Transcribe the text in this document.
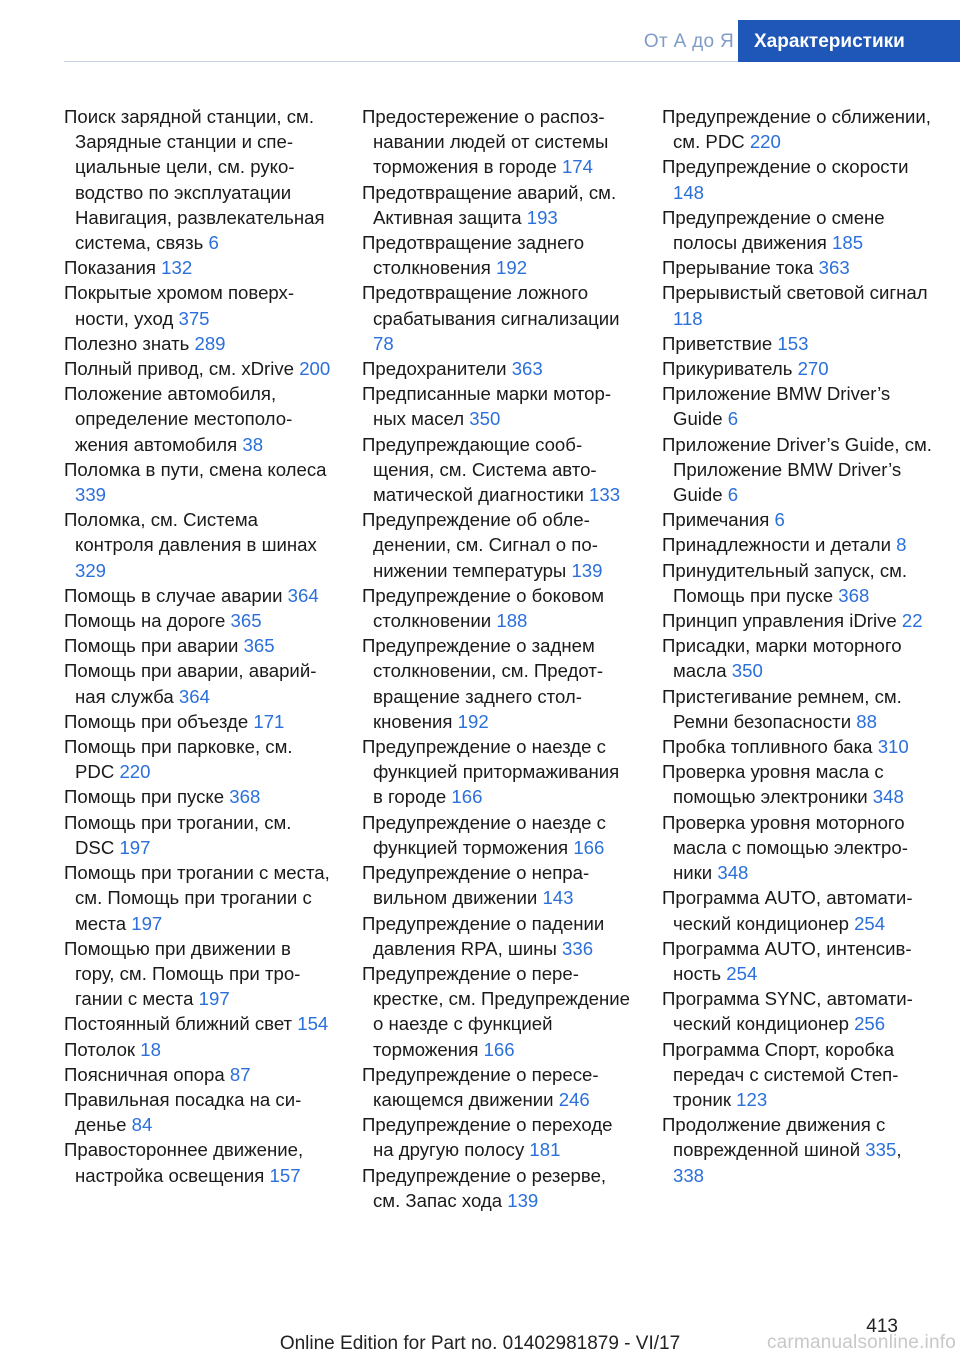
От А до Я	Характеристики
Поиск зарядной станции, см. Зарядные станции и специальные цели, см. руководство по эксплуатации Навигация, развлекательная система, связь 6
Показания 132
Покрытые хромом поверхности, уход 375
Полезно знать 289
Полный привод, см. xDrive 200
Положение автомобиля, определение местоположения автомобиля 38
Поломка в пути, смена колеса 339
Поломка, см. Система контроля давления в шинах 329
Помощь в случае аварии 364
Помощь на дороге 365
Помощь при аварии 365
Помощь при аварии, аварийная служба 364
Помощь при объезде 171
Помощь при парковке, см. PDC 220
Помощь при пуске 368
Помощь при трогании, см. DSC 197
Помощь при трогании с места, см. Помощь при трогании с места 197
Помощью при движении в гору, см. Помощь при трогании с места 197
Постоянный ближний свет 154
Потолок 18
Поясничная опора 87
Правильная посадка на сиденье 84
Правостороннее движение, настройка освещения 157
Предостережение о распознавании людей от системы торможения в городе 174
Предотвращение аварий, см. Активная защита 193
Предотвращение заднего столкновения 192
Предотвращение ложного срабатывания сигнализации 78
Предохранители 363
Предписанные марки моторных масел 350
Предупреждающие сообщения, см. Система автоматической диагностики 133
Предупреждение об обледенении, см. Сигнал о понижении температуры 139
Предупреждение о боковом столкновении 188
Предупреждение о заднем столкновении, см. Предотвращение заднего столкновения 192
Предупреждение о наезде с функцией притормаживания в городе 166
Предупреждение о наезде с функцией торможения 166
Предупреждение о неправильном движении 143
Предупреждение о падении давления RPA, шины 336
Предупреждение о перекрестке, см. Предупреждение о наезде с функцией торможения 166
Предупреждение о пересекающемся движении 246
Предупреждение о переходе на другую полосу 181
Предупреждение о резерве, см. Запас хода 139
Предупреждение о сближении, см. PDC 220
Предупреждение о скорости 148
Предупреждение о смене полосы движения 185
Прерывание тока 363
Прерывистый световой сигнал 118
Приветствие 153
Прикуриватель 270
Приложение BMW Driver’s Guide 6
Приложение Driver’s Guide, см. Приложение BMW Driver’s Guide 6
Примечания 6
Принадлежности и детали 8
Принудительный запуск, см. Помощь при пуске 368
Принцип управления iDrive 22
Присадки, марки моторного масла 350
Пристегивание ремнем, см. Ремни безопасности 88
Пробка топливного бака 310
Проверка уровня масла с помощью электроники 348
Проверка уровня моторного масла с помощью электроники 348
Программа AUTO, автоматический кондиционер 254
Программа AUTO, интенсивность 254
Программа SYNC, автоматический кондиционер 256
Программа Спорт, коробка передач с системой Стептроник 123
Продолжение движения с поврежденной шиной 335, 338
413
Online Edition for Part no. 01402981879 - VI/17	carmanualsonline.info
